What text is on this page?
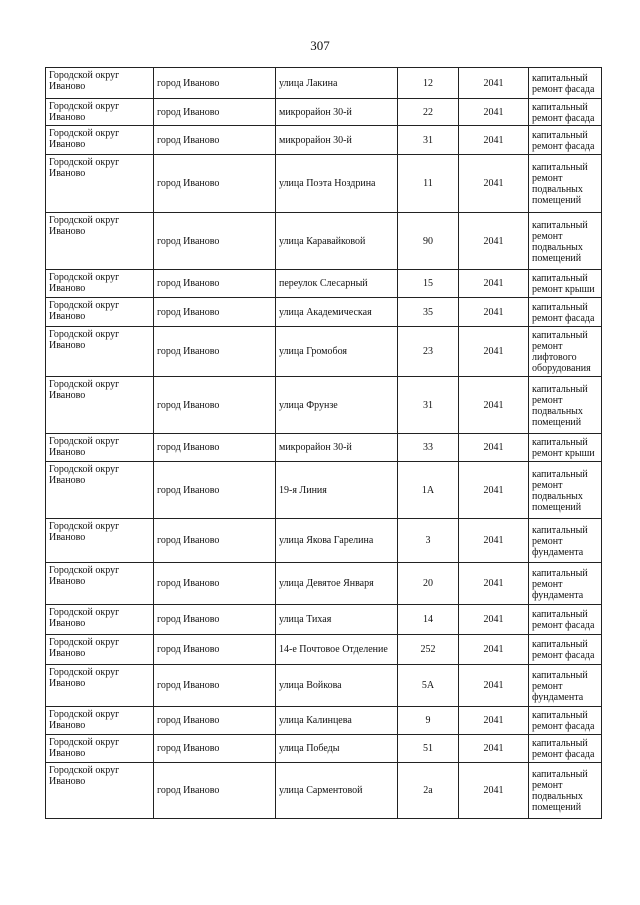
307
Городской округ Иваново	город Иваново	улица Лакина	12	2041	капитальный ремонт фасада
Городской округ Иваново	город Иваново	микрорайон 30-й	22	2041	капитальный ремонт фасада
Городской округ Иваново	город Иваново	микрорайон 30-й	31	2041	капитальный ремонт фасада
Городской округ Иваново	город Иваново	улица Поэта Ноздрина	11	2041	капитальный ремонт подвальных помещений
Городской округ Иваново	город Иваново	улица Каравайковой	90	2041	капитальный ремонт подвальных помещений
Городской округ Иваново	город Иваново	переулок Слесарный	15	2041	капитальный ремонт крыши
Городской округ Иваново	город Иваново	улица Академическая	35	2041	капитальный ремонт фасада
Городской округ Иваново	город Иваново	улица Громобоя	23	2041	капитальный ремонт лифтового оборудования
Городской округ Иваново	город Иваново	улица Фрунзе	31	2041	капитальный ремонт подвальных помещений
Городской округ Иваново	город Иваново	микрорайон 30-й	33	2041	капитальный ремонт крыши
Городской округ Иваново	город Иваново	19-я Линия	1А	2041	капитальный ремонт подвальных помещений
Городской округ Иваново	город Иваново	улица Якова Гарелина	3	2041	капитальный ремонт фундамента
Городской округ Иваново	город Иваново	улица Девятое Января	20	2041	капитальный ремонт фундамента
Городской округ Иваново	город Иваново	улица Тихая	14	2041	капитальный ремонт фасада
Городской округ Иваново	город Иваново	14-е Почтовое Отделение	252	2041	капитальный ремонт фасада
Городской округ Иваново	город Иваново	улица Войкова	5А	2041	капитальный ремонт фундамента
Городской округ Иваново	город Иваново	улица Калинцева	9	2041	капитальный ремонт фасада
Городской округ Иваново	город Иваново	улица Победы	51	2041	капитальный ремонт фасада
Городской округ Иваново	город Иваново	улица Сарментовой	2а	2041	капитальный ремонт подвальных помещений
